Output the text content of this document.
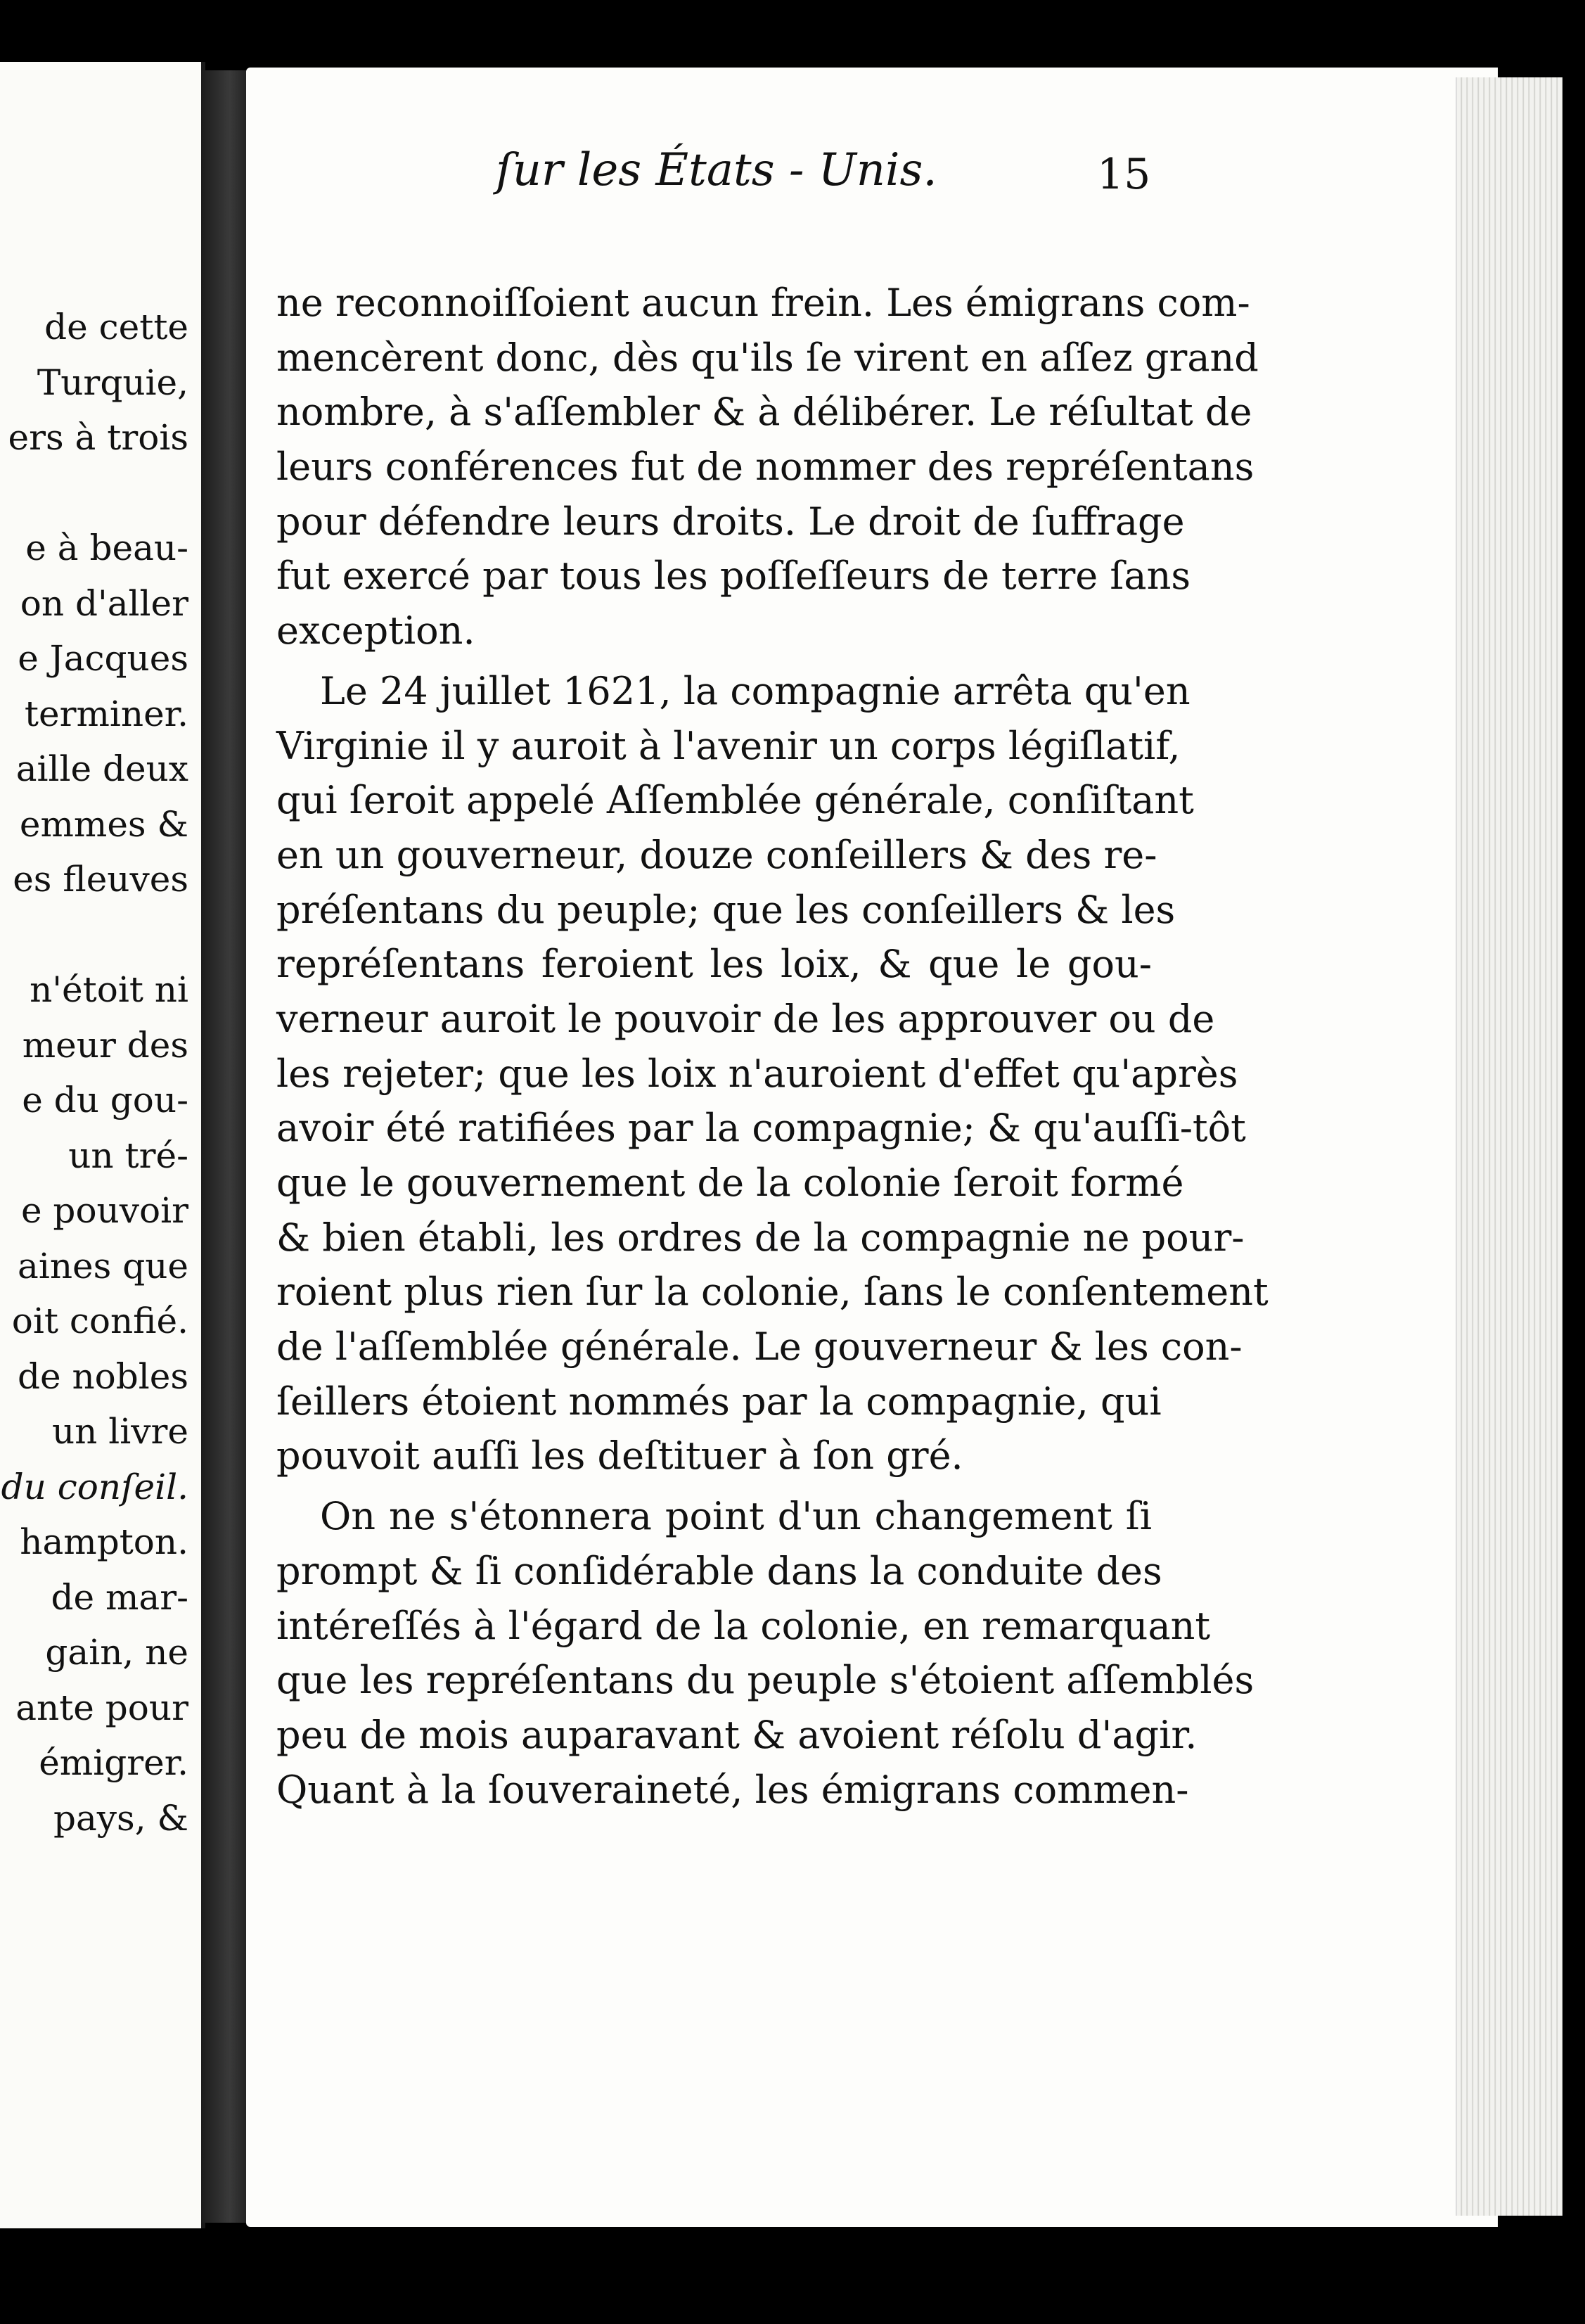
de cette
Turquie,
ers à trois
e à beau-
on d'aller
e Jacques
terminer.
aille deux
emmes &
es fleuves
n'étoit ni
meur des
e du gou-
un tré-
e pouvoir
aines que
oit confié.
de nobles
un livre
du conſeil.
hampton.
de mar-
gain, ne
ante pour
émigrer.
pays, &
ſur les États - Unis.	15
ne reconnoiſſoient aucun frein. Les émigrans com-
mencèrent donc, dès qu'ils ſe virent en aſſez grand
nombre, à s'aſſembler & à délibérer. Le réſultat de
leurs conférences fut de nommer des repréſentans
pour défendre leurs droits. Le droit de ſuffrage
fut exercé par tous les poſſeſſeurs de terre ſans
exception.
Le 24 juillet 1621, la compagnie arrêta qu'en
Virginie il y auroit à l'avenir un corps légiſlatif,
qui ſeroit appelé Aſſemblée générale, conſiſtant
en un gouverneur, douze conſeillers & des re-
préſentans du peuple; que les conſeillers & les
repréſentans feroient les loix, & que le gou-
verneur auroit le pouvoir de les approuver ou de
les rejeter; que les loix n'auroient d'effet qu'après
avoir été ratifiées par la compagnie; & qu'auſſi-tôt
que le gouvernement de la colonie ſeroit formé
& bien établi, les ordres de la compagnie ne pour-
roient plus rien ſur la colonie, ſans le conſentement
de l'aſſemblée générale. Le gouverneur & les con-
ſeillers étoient nommés par la compagnie, qui
pouvoit auſſi les deſtituer à ſon gré.
On ne s'étonnera point d'un changement ſi
prompt & ſi conſidérable dans la conduite des
intéreſſés à l'égard de la colonie, en remarquant
que les repréſentans du peuple s'étoient aſſemblés
peu de mois auparavant & avoient réſolu d'agir.
Quant à la ſouveraineté, les émigrans commen-
